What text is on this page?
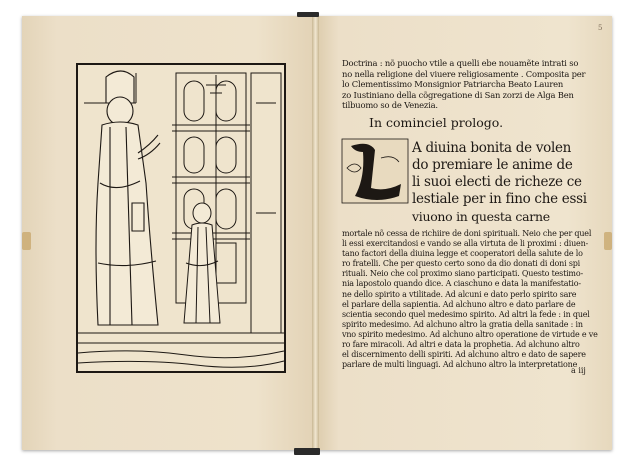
5
Doctrina : nõ puocho vtile a quelli ebe nouamẽte intrati so
no nella religione del viuere religiosamente . Composita per
lo Clementissimo Monsignior Patriarcha Beato Lauren
zo Iustiniano della cõgregatione di San zorzi de Alga Ben
tilbuomo so de Venezia.
In cominciel prologo.
A diuina bonita de volen
do premiare le anime de
li suoi electi de richeze ce
lestiale per in fino che essi
viuono in questa carne
mortale nõ cessa de richiire de doni spirituali. Neio che per quel
li essi exercitandosi e vando se alla virtuta de li proximi : diuen-
tano factori della diuina legge et cooperatori della salute de lo
ro fratelli. Che per questo certo sono da dio donati di doni spi
rituali. Neio che col proximo siano participati. Questo testimo-
nia lapostolo quando dice. A ciaschuno e data la manifestatio-
ne dello spirito a vtilitade. Ad alcuni e dato perlo spirito sare
el parlare della sapientia. Ad alchuno altro e dato parlare de
scientia secondo quel medesimo spirito. Ad altri la fede : in quel
spirito medesimo. Ad alchuno altro la gratia della sanitade : in
vno spirito medesimo. Ad alchuno altro operatione de virtude e ve
ro fare miracoli. Ad altri e data la prophetia. Ad alchuno altro
el discernimento delli spiriti. Ad alchuno altro e dato de sapere
parlare de multi linguagi. Ad alchuno altro la interpretatione
a iij
